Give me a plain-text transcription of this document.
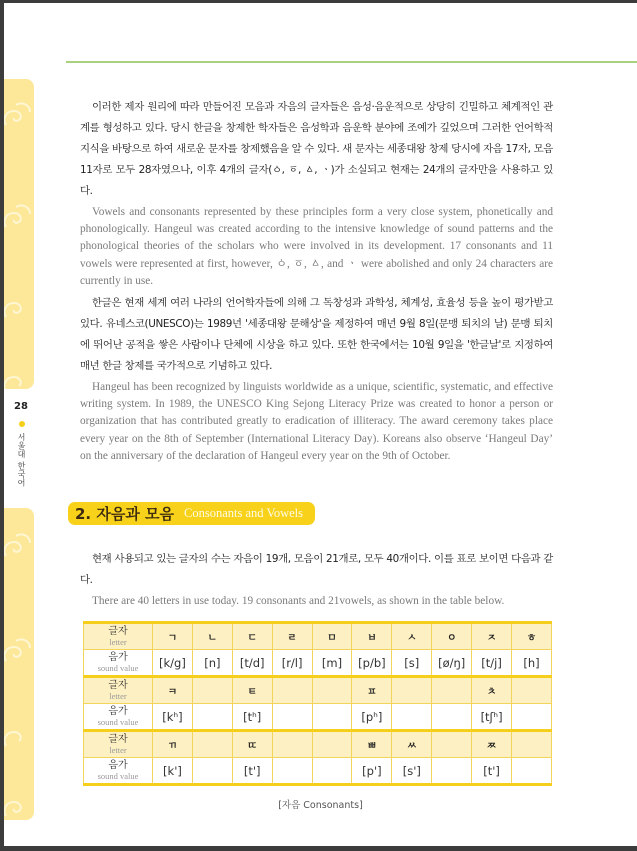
28
서울대 한국어

이러한 제자 원리에 따라 만들어진 모음과 자음의 글자들은 음성·음운적으로 상당히 긴밀하고 체계적인 관계를 형성하고 있다. 당시 한글을 창제한 학자들은 음성학과 음운학 분야에 조예가 깊었으며 그러한 언어학적 지식을 바탕으로 하여 새로운 문자를 창제했음을 알 수 있다. 새 문자는 세종대왕 창제 당시에 자음 17자, 모음 11자로 모두 28자였으나, 이후 4개의 글자(ㆁ, ㆆ, ㅿ, ㆍ)가 소실되고 현재는 24개의 글자만을 사용하고 있다.

Vowels and consonants represented by these principles form a very close system, phonetically and phonologically. Hangeul was created according to the intensive knowledge of sound patterns and the phonological theories of the scholars who were involved in its development. 17 consonants and 11 vowels were represented at first, however, ㆁ, ㆆ, ㅿ, and ㆍ were abolished and only 24 characters are currently in use.

한글은 현재 세계 여러 나라의 언어학자들에 의해 그 독창성과 과학성, 체계성, 효율성 등을 높이 평가받고 있다. 유네스코(UNESCO)는 1989년 '세종대왕 문해상'을 제정하여 매년 9월 8일(문맹 퇴치의 날) 문맹 퇴치에 뛰어난 공적을 쌓은 사람이나 단체에 시상을 하고 있다. 또한 한국에서는 10월 9일을 '한글날'로 지정하여 매년 한글 창제를 국가적으로 기념하고 있다.

Hangeul has been recognized by linguists worldwide as a unique, scientific, systematic, and effective writing system. In 1989, the UNESCO King Sejong Literacy Prize was created to honor a person or organization that has contributed greatly to eradication of illiteracy. The award ceremony takes place every year on the 8th of September (International Literacy Day). Koreans also observe ‘Hangeul Day’ on the anniversary of the declaration of Hangeul every year on the 9th of October.

2. 자음과 모음 Consonants and Vowels

현재 사용되고 있는 글자의 수는 자음이 19개, 모음이 21개로, 모두 40개이다. 이를 표로 보이면 다음과 같다.

There are 40 letters in use today. 19 consonants and 21vowels, as shown in the table below.

글자
letter	ㄱ	ㄴ	ㄷ	ㄹ	ㅁ	ㅂ	ㅅ	ㅇ	ㅈ	ㅎ

음가
sound value	[k/g]	[n]	[t/d]	[r/l]	[m]	[p/b]	[s]	[ø/ŋ]	[t/j]	[h]

글자
letter	ㅋ		ㅌ			ㅍ			ㅊ	

음가
sound value	[kʰ]		[tʰ]			[pʰ]			[tʃʰ]	

글자
letter	ㄲ		ㄸ			ㅃ	ㅆ		ㅉ	

음가
sound value	[k']		[t']			[p']	[s']		[t']	
[자음 Consonants]
